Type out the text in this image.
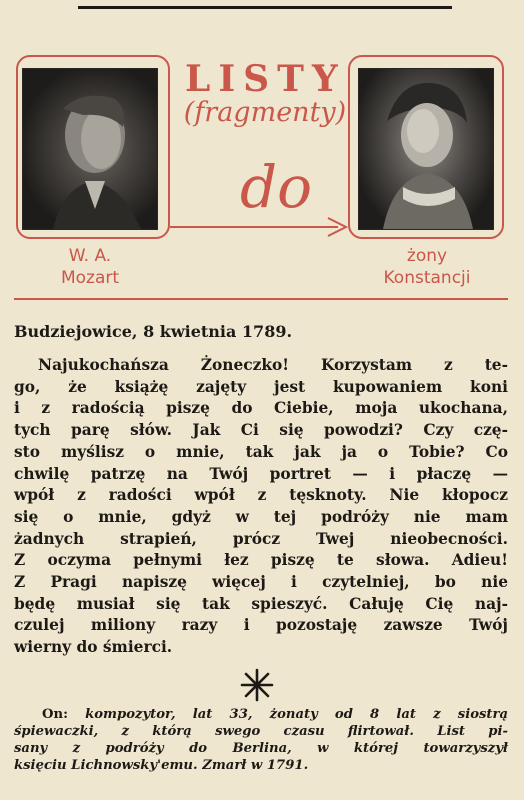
LISTY
(fragmenty)
do
W. A.
Mozart
żony
Konstancji
Budziejowice, 8 kwietnia 1789.
Najukochańsza Żoneczko! Korzystam z te-
go, że książę zajęty jest kupowaniem koni
i z radością piszę do Ciebie, moja ukochana,
tych parę słów. Jak Ci się powodzi? Czy czę-
sto myślisz o mnie, tak jak ja o Tobie? Co
chwilę patrzę na Twój portret — i płaczę —
wpół z radości wpół z tęsknoty. Nie kłopocz
się o mnie, gdyż w tej podróży nie mam
żadnych strapień, prócz Twej nieobecności.
Z oczyma pełnymi łez piszę te słowa. Adieu!
Z Pragi napiszę więcej i czytelniej, bo nie
będę musiał się tak spieszyć. Całuję Cię naj-
czulej miliony razy i pozostaję zawsze Twój
wierny do śmierci.
On: kompozytor, lat 33, żonaty od 8 lat z siostrą
śpiewaczki, z którą swego czasu flirtował. List pi-
sany z podróży do Berlina, w której towarzyszył
księciu Lichnowsky'emu. Zmarł w 1791.
